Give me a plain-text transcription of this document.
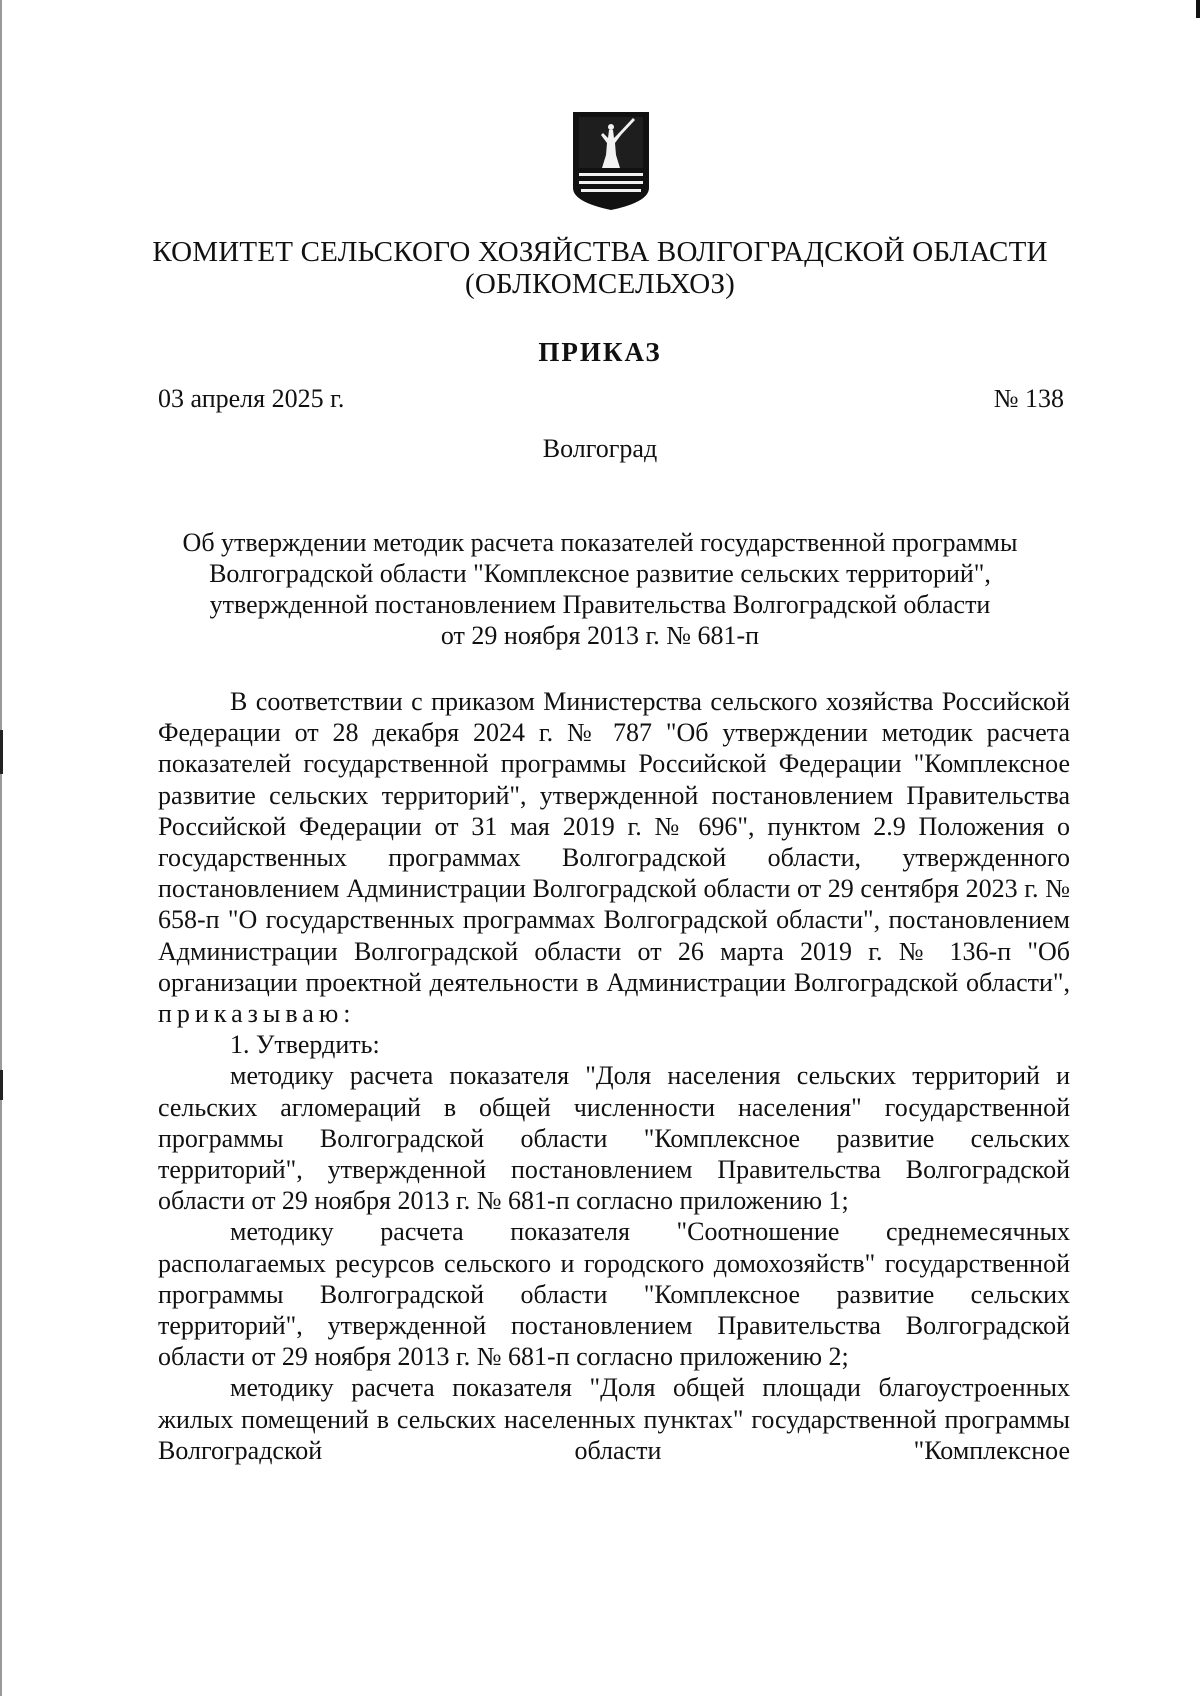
КОМИТЕТ СЕЛЬСКОГО ХОЗЯЙСТВА ВОЛГОГРАДСКОЙ ОБЛАСТИ
(ОБЛКОМСЕЛЬХОЗ)
ПРИКАЗ
03 апреля 2025 г.	№ 138
Волгоград
Об утверждении методик расчета показателей государственной программы
Волгоградской области "Комплексное развитие сельских территорий",
утвержденной постановлением Правительства Волгоградской области
от 29 ноября 2013 г. № 681-п

В соответствии с приказом Министерства сельского хозяйства Российской Федерации от 28 декабря 2024 г. № 787 "Об утверждении методик расчета показателей государственной программы Российской Федерации "Комплексное развитие сельских территорий", утвержденной постановлением Правительства Российской Федерации от 31 мая 2019 г. № 696", пунктом 2.9 Положения о государственных программах Волгоградской области, утвержденного постановлением Администрации Волгоградской области от 29 сентября 2023 г. № 658-п "О государственных программах Волгоградской области", постановлением Администрации Волгоградской области от 26 марта 2019 г. № 136-п "Об организации проектной деятельности в Администрации Волгоградской области", приказываю:

1. Утвердить:

методику расчета показателя "Доля населения сельских территорий и сельских агломераций в общей численности населения" государственной программы Волгоградской области "Комплексное развитие сельских территорий", утвержденной постановлением Правительства Волгоградской области от 29 ноября 2013 г. № 681-п согласно приложению 1;

методику расчета показателя "Соотношение среднемесячных располагаемых ресурсов сельского и городского домохозяйств" государственной программы Волгоградской области "Комплексное развитие сельских территорий", утвержденной постановлением Правительства Волгоградской области от 29 ноября 2013 г. № 681-п согласно приложению 2;

методику расчета показателя "Доля общей площади благоустроенных жилых помещений в сельских населенных пунктах" государственной программы Волгоградской области "Комплексное
